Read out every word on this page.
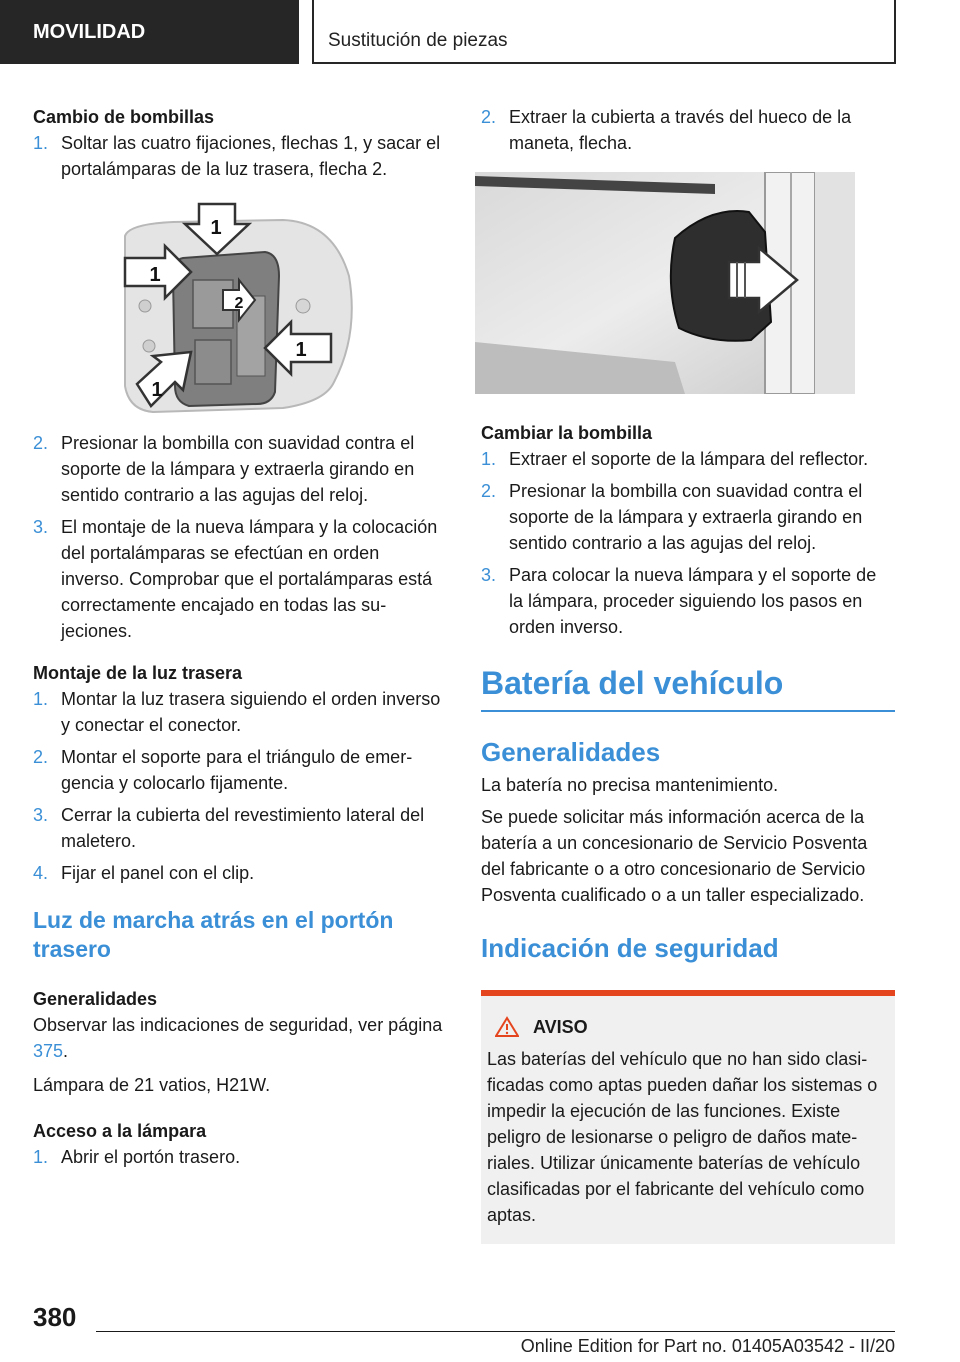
MOVILIDAD	Sustitución de piezas

Cambio de bombillas

1. Soltar las cuatro fijaciones, flechas 1, y sacar el portalámparas de la luz trasera, flecha 2.
1
1
1
1
2
2. Presionar la bombilla con suavidad contra el soporte de la lámpara y extraerla girando en sentido contrario a las agujas del reloj.
3. El montaje de la nueva lámpara y la colocación del portalámparas se efectúan en orden inverso. Comprobar que el portalámparas está correctamente encajado en todas las sujeciones.

Montaje de la luz trasera

1. Montar la luz trasera siguiendo el orden inverso y conectar el conector.
2. Montar el soporte para el triángulo de emergencia y colocarlo fijamente.
3. Cerrar la cubierta del revestimiento lateral del maletero.
4. Fijar el panel con el clip.
Luz de marcha atrás en el portón trasero

Generalidades

Observar las indicaciones de seguridad, ver página 375.

Lámpara de 21 vatios, H21W.

Acceso a la lámpara

1. Abrir el portón trasero.
2. Extraer la cubierta a través del hueco de la maneta, flecha.

Cambiar la bombilla

1. Extraer el soporte de la lámpara del reflector.
2. Presionar la bombilla con suavidad contra el soporte de la lámpara y extraerla girando en sentido contrario a las agujas del reloj.
3. Para colocar la nueva lámpara y el soporte de la lámpara, proceder siguiendo los pasos en orden inverso.
Batería del vehículo
Generalidades

La batería no precisa mantenimiento.

Se puede solicitar más información acerca de la batería a un concesionario de Servicio Posventa del fabricante o a otro concesionario de Servicio Posventa cualificado o a un taller especializado.

Indicación de seguridad
AVISO

Las baterías del vehículo que no han sido clasificadas como aptas pueden dañar los sistemas o impedir la ejecución de las funciones. Existe peligro de lesionarse o peligro de daños materiales. Utilizar únicamente baterías de vehículo clasificadas por el fabricante del vehículo como aptas.

380
Online Edition for Part no. 01405A03542 - II/20
